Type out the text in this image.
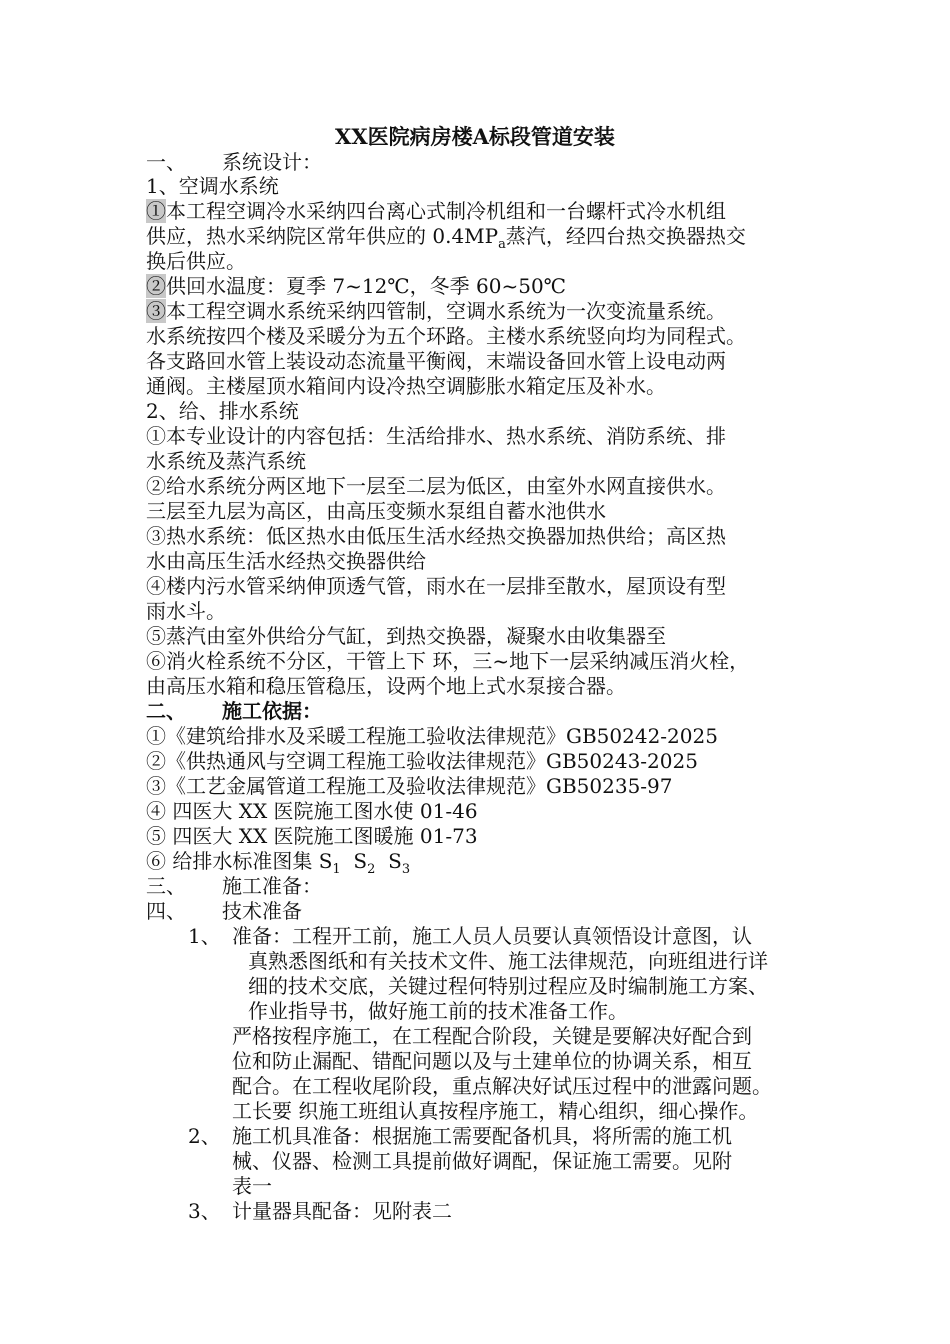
XX医院病房楼A标段管道安装
一、 系统设计：
1、空调水系统
①本工程空调冷水采纳四台离心式制冷机组和一台螺杆式冷水机组
供应，热水采纳院区常年供应的 $0.4MP_a$蒸汽，经四台热交换器热交
换后供应。
②供回水温度：夏季 7~12℃，冬季 60~50℃
③本工程空调水系统采纳四管制，空调水系统为一次变流量系统。
水系统按四个楼及采暖分为五个环路。主楼水系统竖向均为同程式。
各支路回水管上装设动态流量平衡阀，末端设备回水管上设电动两
通阀。主楼屋顶水箱间内设冷热空调膨胀水箱定压及补水。
2、给、排水系统
①本专业设计的内容包括：生活给排水、热水系统、消防系统、排
水系统及蒸汽系统
②给水系统分两区地下一层至二层为低区，由室外水网直接供水。
三层至九层为高区，由高压变频水泵组自蓄水池供水
③热水系统：低区热水由低压生活水经热交换器加热供给；高区热
水由高压生活水经热交换器供给
④楼内污水管采纳伸顶透气管，雨水在一层排至散水，屋顶设有型
雨水斗。
⑤蒸汽由室外供给分气缸，到热交换器，凝聚水由收集器至
⑥消火栓系统不分区，干管上下 环，三~地下一层采纳减压消火栓，
由高压水箱和稳压管稳压，设两个地上式水泵接合器。
二、 施工依据：
①《建筑给排水及采暖工程施工验收法律规范》GB50242-2025
②《供热通风与空调工程施工验收法律规范》GB50243-2025
③《工艺金属管道工程施工及验收法律规范》GB50235-97
④ 四医大 XX 医院施工图水使 01-46
⑤ 四医大 XX 医院施工图暖施 01-73
⑥ 给排水标准图集 $S_1$  $S_2$  $S_3$
三、 施工准备：
四、 技术准备
1、 准备：工程开工前，施工人员人员要认真领悟设计意图，认
真熟悉图纸和有关技术文件、施工法律规范，向班组进行详
细的技术交底，关键过程何特别过程应及时编制施工方案、
作业指导书，做好施工前的技术准备工作。
严格按程序施工，在工程配合阶段，关键是要解决好配合到
位和防止漏配、错配问题以及与土建单位的协调关系，相互
配合。在工程收尾阶段，重点解决好试压过程中的泄露问题。
工长要 织施工班组认真按程序施工，精心组织，细心操作。
2、 施工机具准备：根据施工需要配备机具，将所需的施工机
械、仪器、检测工具提前做好调配，保证施工需要。见附
表一
3、 计量器具配备：见附表二
